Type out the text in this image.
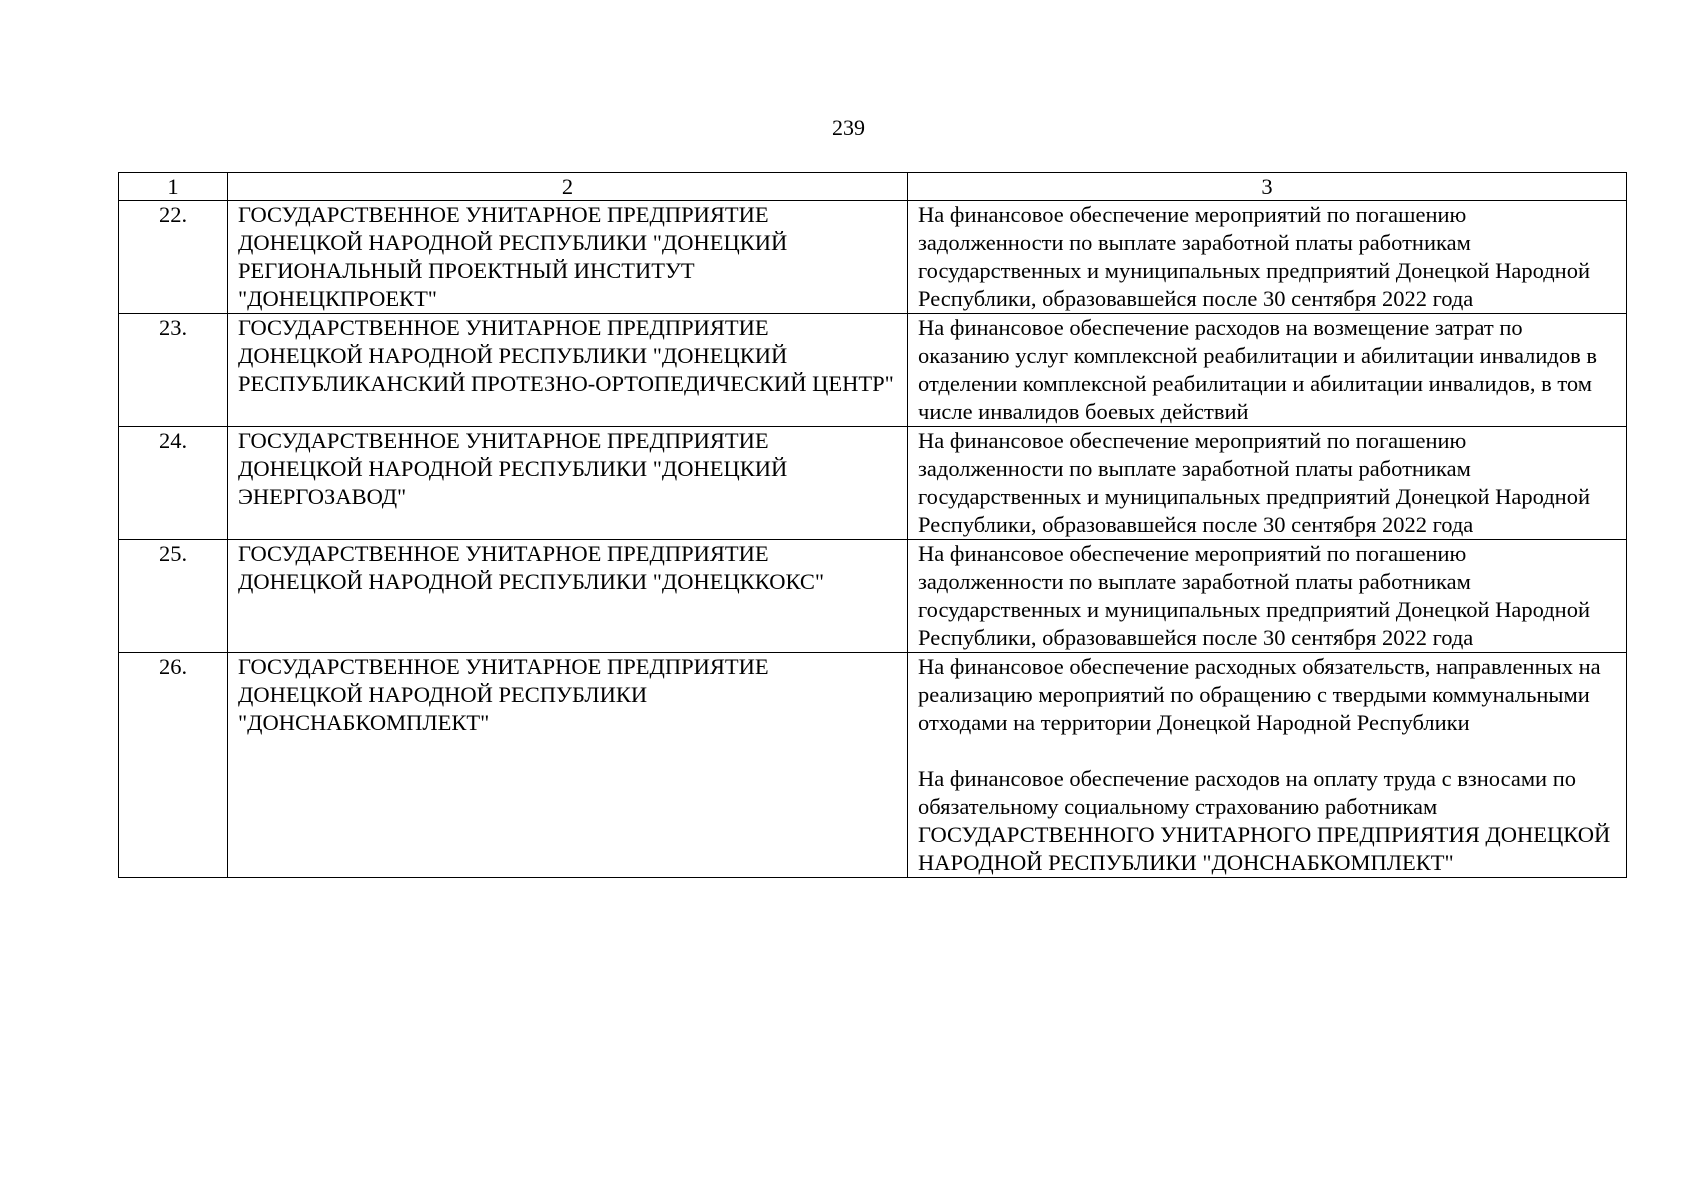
239
1	2	3
22.	ГОСУДАРСТВЕННОЕ УНИТАРНОЕ ПРЕДПРИЯТИЕ ДОНЕЦКОЙ НАРОДНОЙ РЕСПУБЛИКИ "ДОНЕЦКИЙ РЕГИОНАЛЬНЫЙ ПРОЕКТНЫЙ ИНСТИТУТ "ДОНЕЦКПРОЕКТ"	На финансовое обеспечение мероприятий по погашению задолженности по выплате заработной платы работникам государственных и муниципальных предприятий Донецкой Народной Республики, образовавшейся после 30 сентября 2022 года

23.	ГОСУДАРСТВЕННОЕ УНИТАРНОЕ ПРЕДПРИЯТИЕ ДОНЕЦКОЙ НАРОДНОЙ РЕСПУБЛИКИ "ДОНЕЦКИЙ РЕСПУБЛИКАНСКИЙ ПРОТЕЗНО-ОРТОПЕДИЧЕСКИЙ ЦЕНТР"	На финансовое обеспечение расходов на возмещение затрат по оказанию услуг комплексной реабилитации и абилитации инвалидов в отделении комплексной реабилитации и абилитации инвалидов, в том числе инвалидов боевых действий

24.	ГОСУДАРСТВЕННОЕ УНИТАРНОЕ ПРЕДПРИЯТИЕ ДОНЕЦКОЙ НАРОДНОЙ РЕСПУБЛИКИ "ДОНЕЦКИЙ ЭНЕРГОЗАВОД"	На финансовое обеспечение мероприятий по погашению задолженности по выплате заработной платы работникам государственных и муниципальных предприятий Донецкой Народной Республики, образовавшейся после 30 сентября 2022 года

25.	ГОСУДАРСТВЕННОЕ УНИТАРНОЕ ПРЕДПРИЯТИЕ ДОНЕЦКОЙ НАРОДНОЙ РЕСПУБЛИКИ "ДОНЕЦККОКС"	На финансовое обеспечение мероприятий по погашению задолженности по выплате заработной платы работникам государственных и муниципальных предприятий Донецкой Народной Республики, образовавшейся после 30 сентября 2022 года

26.	ГОСУДАРСТВЕННОЕ УНИТАРНОЕ ПРЕДПРИЯТИЕ ДОНЕЦКОЙ НАРОДНОЙ РЕСПУБЛИКИ "ДОНСНАБКОМПЛЕКТ"	На финансовое обеспечение расходных обязательств, направленных на реализацию мероприятий по обращению с твердыми коммунальными отходами на территории Донецкой Народной Республики
На финансовое обеспечение расходов на оплату труда с взносами по обязательному социальному страхованию работникам ГОСУДАРСТВЕННОГО УНИТАРНОГО ПРЕДПРИЯТИЯ ДОНЕЦКОЙ НАРОДНОЙ РЕСПУБЛИКИ "ДОНСНАБКОМПЛЕКТ"
